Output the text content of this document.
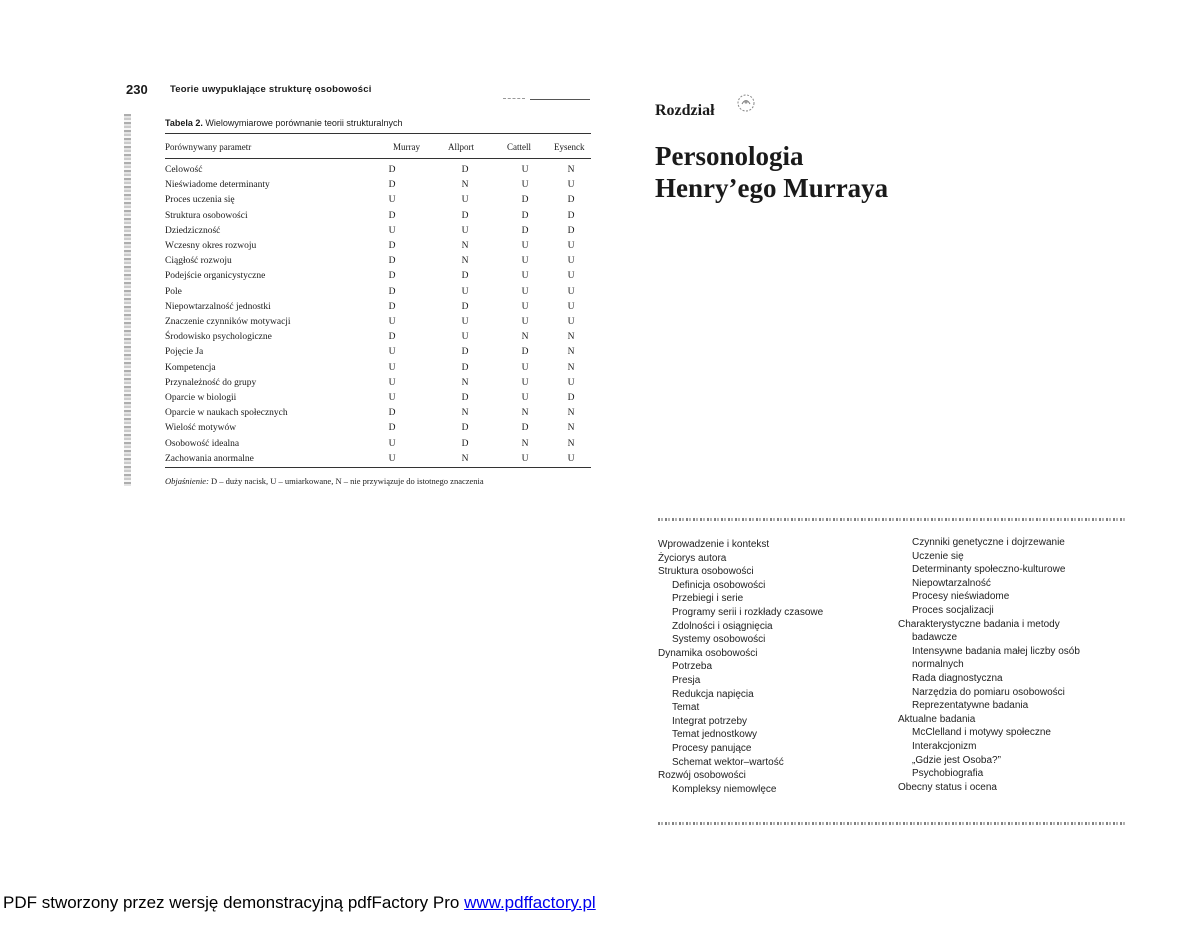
230 Teorie uwypuklające strukturę osobowości
Tabela 2. Wielowymiarowe porównanie teorii strukturalnych
Porównywany parametr	Murray	Allport	Cattell	Eysenck
Celowość	D	D	U	N
Nieświadome determinanty	D	N	U	U
Proces uczenia się	U	U	D	D
Struktura osobowości	D	D	D	D
Dziedziczność	U	U	D	D
Wczesny okres rozwoju	D	N	U	U
Ciągłość rozwoju	D	N	U	U
Podejście organicystyczne	D	D	U	U
Pole	D	U	U	U
Niepowtarzalność jednostki	D	D	U	U
Znaczenie czynników motywacji	U	U	U	U
Środowisko psychologiczne	D	U	N	N
Pojęcie Ja	U	D	D	N
Kompetencja	U	D	U	N
Przynależność do grupy	U	N	U	U
Oparcie w biologii	U	D	U	D
Oparcie w naukach społecznych	D	N	N	N
Wielość motywów	D	D	D	N
Osobowość idealna	U	D	N	N
Zachowania anormalne	U	N	U	U
Objaśnienie: D – duży nacisk, U – umiarkowane, N – nie przywiązuje do istotnego znaczenia
Rozdział
Personologia
Henry’ego Murraya
Wprowadzenie i kontekst
Życiorys autora
Struktura osobowości
Definicja osobowości
Przebiegi i serie
Programy serii i rozkłady czasowe
Zdolności i osiągnięcia
Systemy osobowości
Dynamika osobowości
Potrzeba
Presja
Redukcja napięcia
Temat
Integrat potrzeby
Temat jednostkowy
Procesy panujące
Schemat wektor–wartość
Rozwój osobowości
Kompleksy niemowlęce
Czynniki genetyczne i dojrzewanie
Uczenie się
Determinanty społeczno-kulturowe
Niepowtarzalność
Procesy nieświadome
Proces socjalizacji
Charakterystyczne badania i metody
badawcze
Intensywne badania małej liczby osób
normalnych
Rada diagnostyczna
Narzędzia do pomiaru osobowości
Reprezentatywne badania
Aktualne badania
McClelland i motywy społeczne
Interakcjonizm
„Gdzie jest Osoba?”
Psychobiografia
Obecny status i ocena
PDF stworzony przez wersję demonstracyjną pdfFactory Pro www.pdffactory.pl
